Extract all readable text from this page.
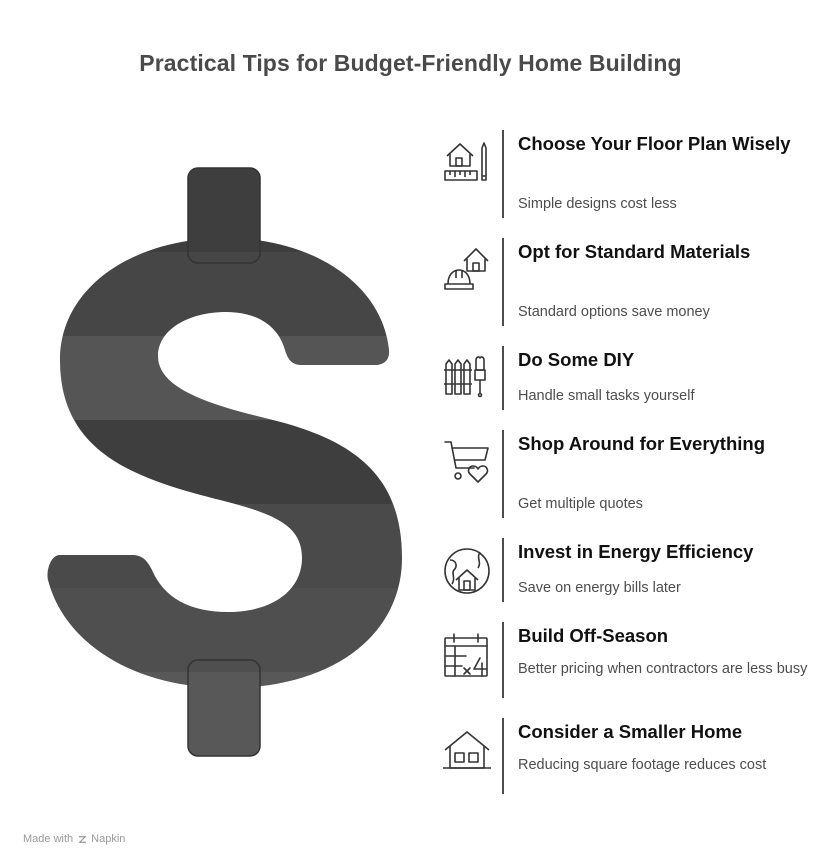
Practical Tips for Budget-Friendly Home Building
Choose Your Floor Plan Wisely
Simple designs cost less
Opt for Standard Materials
Standard options save money
Do Some DIY
Handle small tasks yourself
Shop Around for Everything
Get multiple quotes
Invest in Energy Efficiency
Save on energy bills later
Build Off-Season
Better pricing when contractors are less busy
Consider a Smaller Home
Reducing square footage reduces cost
Made with Napkin
